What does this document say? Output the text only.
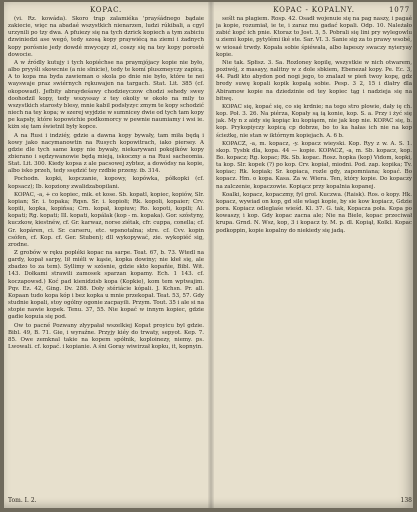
KOPAC.

(vi. Rz. kowáda). Skoro trąp zalamiéka 'prayśádnego bądaie zakiecie, więc na abadaé wszystkich nienarzen, ludzi rúkibali, a cgyl urzynili po tzy dwa. A pfuiezy się na tych dzrick kopiech a tym zabiciu dzwiniedzi ase wegó, tedy szosą kopy praywiécą na ziemi i żadnych kopy porósnie jedy dowdé mwycęzy zl, coszy się na tey kopy porosté dowocie.

A w źródly kutujy i tych kopiéchse na praymjójacy kopie nie było, albo pryyśli skowcnie (a nie slnicie), tedy te komí pluszmeyczy zapicą. A to kopa ma byda zawieman o skola po dnie nie było, które te nei wayswaje praz swiérnych rękuwajen na targach. Stat. Lit. 385 (cf. okopowad). Jefbity abraydeśawy chodzieyczow chodzi sehedy swey doohodzil kopy, tedy wszyssay z tey okoliy w około na mily to wszystkich starosty blesy, mnie kabil podsłyzyc zmym te kopy schodzić niech na tey kopa; w szerej wyjdzie w sumnicey dwie od tych tam kopy pe kapsły, które kopowichie podkomorcy w pewnie naumiamy i wsi ie. kiżn się tam świetnil były kopce.

A na Rusi i indziéy, gdzie a dawna kopy bywały, tam miła będą i kowy jako nacymanowtin na Rusych kopowitrach, iako piersey. A gdzie dle tych same kopy nie bywały, niekarywani pokojików kopy zbierano i sędzywanowie będą mieją, iskoczny a na Rusi sacheomia. Stat. Lit. 300. Kiedy kopsa z ale pacsowej zybtez, a dowódsy na kopie, albo isko przeh, tedy ssędzić tey rzdbie przeny. ib. 314.

Pochodn. kopki, kopczanie, kopowy, kopówka, półkopki (cf. kopsacz); Ib. kopziony zwalidzabopilani.

KOPAC, -a, + co kopiec, mik. et kose. Sb. kopatl, kopiec, kopiów, Slr. kopian; Sr. i. topaka; Rqsn. Sr. i. kopiołi; Rk. kopoli, kopaier; Crv. kopili, kopka, kopińsa; Crn. kopał, kopiuw; Ro. kopoti, kopili; Al. kopati; Rg. kopati; Ill. kopati, kopálak (kop - m. kopaka). Gor. szóstyny, kuczkow, kiestnéw, cf. Gr. karwaz, norse ziétak, cfr. cuppa, conella; cf. Gr. kopáren, ci. Sr. carseru, etc. wpsnotalna; stre. cf. Cvv. kopin csófen, cf. Kop. cf. Ger. Stuben); dll wykopywać, zie. wykopiéć sig, zrodne.

Z grobów w ręku popléki kopac na sarpe. Teat. 67, b. 73. Wtedl na gardy, kopał sarpy, lił miéli w kąsie, kopka dowiny; nie kłeł się, ale zbadzo to za tem). Syllimy w szósnie, gdzie skto kopańie, Bibl. Wit. 143. Dołkami strawili zamosek sparzan kopamy. Ech. 1 143. cf. koczapowsd.) Koć pad kienidzisb kopa (Kopkie), kom tem wptwajim. Pqv. Ez. 42, Ging. Dv. 288. Doły stériácie kópali. J. Kchsn. Pr. all. Kopaan tudo kopa kóp i bez kopka u mnie przekopał. Teat. 53, 57. Gdy studnie kopali, stoy ogólny ogonie zacpayili. Przym. Tout. 35 i ale si na stopie nawie kopek. Tenu. 37, 55. Nie kopać w innym kopiec, gdzie gadie kopuia się pod.

Ow to pacné Pozwany złyypałał wszelkiej Kopat proyicu byl gdzie. Bibl. 49, B. 71. Gie, i wyraźne. Przyjy kiéy do trwaty, sepyot. Kep. 7. 85. Owe zemknal takie na kopem spółnik, koploinezy, niemy. ps. Lwowali. cf. kopać. i kopianie. A śni Goray wiwirzał kopku, it, kopnyin.

Tom. I. 2.
KOPAC - KOPALNY.	1077

seślt na płagiem. Rosp. 42. Osadł wojenuie się na pag naszy, i pagaé ja kopie, rozumiał, ie te, i zaraz mu gadać kopali. Odp. 10. Należało zabić kopć ich pnie. Ktoraz to Jost. 3, 5. Pobrali się lini pry wylegowlu u ziemi kopie, pytylémi iké ste. Sar. VI. 3. Sanie sig za to prawy wsobé, w wiosaé trwdy. Kopała sobie śpiéwała, albo łapeszy swaczy nyieryay kopie.

Nie tak. Spłisz. 3. Sa. Rozloney kopilę, wszystkie w nich otwarem, poziwój, z masayy, nalitny w z dole sbkiem, Ebenezał kopy. Pe. Ec. 3, 44. Padł kto abydon pod nogi jego, to znalazł w pień twoy kopę, gdz bredy suwę kopali kopik kopalą sobie. Pesp. 3 2, 15 i dlałry dla Abiramow kopie na dziedzinie od tey kopiec tąg i nadzieja się na bitwę.

KOPAC się, kopać się, co się krdnie; na tego stro plowie, dały ię ch. kop. Poł. 3. 26. Na piérza, Kopały są ią konie, kop. S. a. Przy i żyć się jak. My n z aidy się kopiąc ku kopiąem, nie jak kop nie. KOPAC się, b. kop. Prykopiyczy kopicą cp dobrze, bo to ka hałas ich nie na kop ścieżkę, nie stan w iktórnym kopiejach. A. 6 b.

KOPACZ, -a, m. kopacz, -y. kopacz wieyski. Kop. Ryy z w. A. S. 1. skop. Tysbk dla, kopa. 44 — kopie. KOPACZ, -a, m. Sb. kopacz, kop. Bo. kopacz; Rg. kopac; Rk. Sb. kopac. Rosz. hopka (kop) Vidom, kopki, ta kop. Slr. kopek (?) po kop. Crv. kopiał, miodni. Pod. zap. kopika; Tv. kopiac; Rk. kopiak; Sr. kopiaca, rozle gdy, zapomniana; kopać. Bo kopacz. Hm. o kopa. Kasa. Za w. Wiera. Ten, który kopie. Do kopaczy na zalczenie, kopaczowie. Kopiącz przy kopalnia kopanej.

Koalki, kopacz, kopaczmy, fyl grol. Kuczwa. (Raisk). Ros. o kopy. Hk. kopacz, wywiad on kop, gd sile wlagi kopie, by sie kow kopiacz, Gdzie pora. Kopiacz odleglaśe wieśd. Kl. 37. G. tak, Kopacza poła. Kopa po kowaszy, i kop. Gdy kopac zacna ale; Nie na Biele, kopac przeciwał krupa. Grnd. N. Wsz, kop, 3 i kopacz ty. M. p. dl. Kopiął, Kolkl. Kopac podkoppin, kopie kopalny do niekiedy się jadą.

138
